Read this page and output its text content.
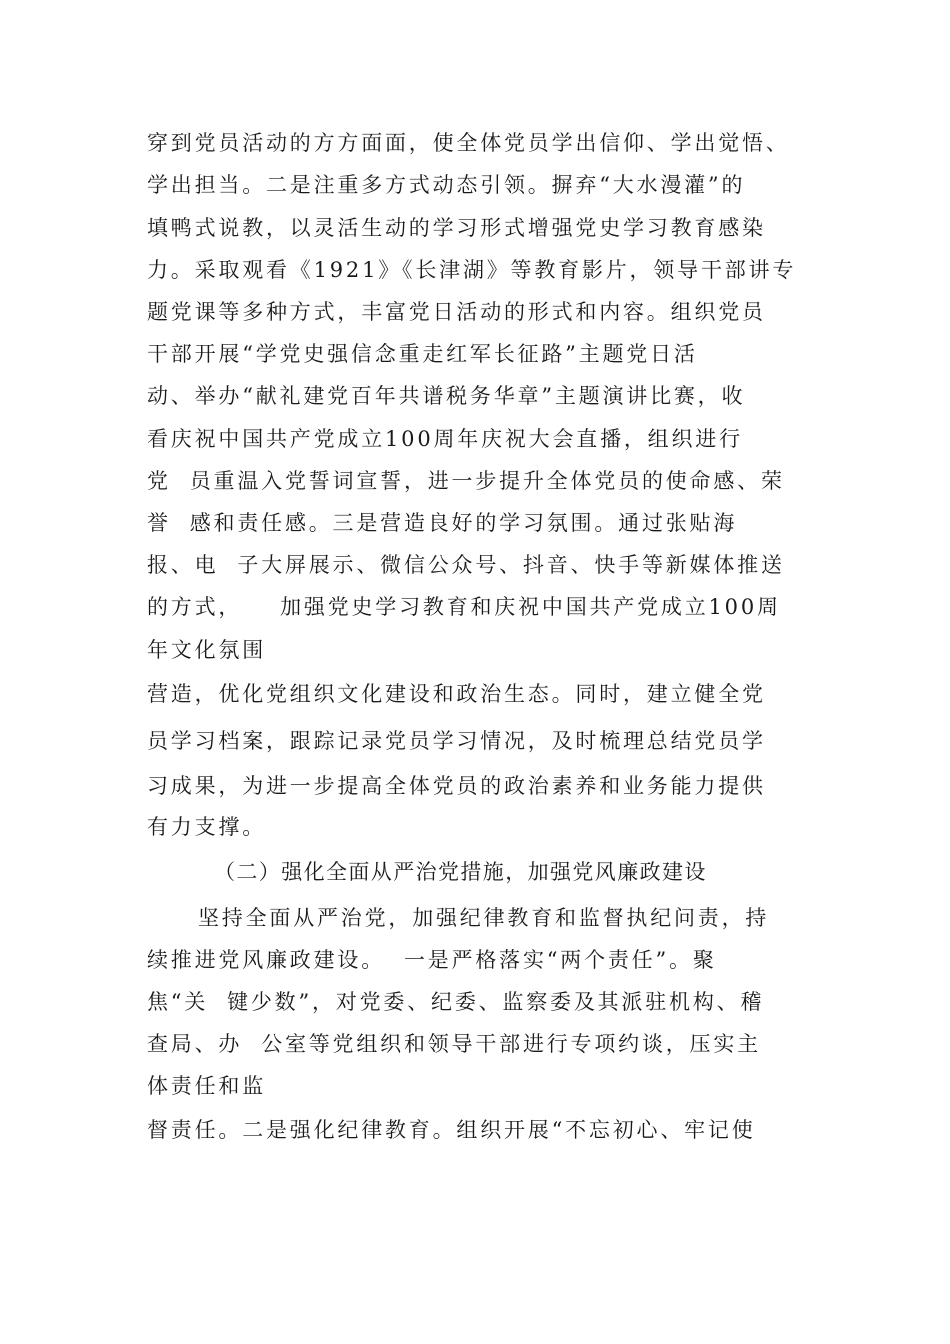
穿到党员活动的方方面面，使全体党员学出信仰、学出觉悟、

学出担当。二是注重多方式动态引领。摒弃“大水漫灌”的

填鸭式说教，以灵活生动的学习形式增强党史学习教育感染

力。采取观看《1921》《长津湖》等教育影片，领导干部讲专

题党课等多种方式，丰富党日活动的形式和内容。组织党员

干部开展“学党史强信念重走红军长征路”主题党日活

动、举办“献礼建党百年共谱税务华章”主题演讲比赛，收

看庆祝中国共产党成立100周年庆祝大会直播，组织进行

党  员重温入党誓词宣誓，进一步提升全体党员的使命感、荣

誉  感和责任感。三是营造良好的学习氛围。通过张贴海

报、电  子大屏展示、微信公众号、抖音、快手等新媒体推送

的方式，    加强党史学习教育和庆祝中国共产党成立100周

年文化氛围

营造，优化党组织文化建设和政治生态。同时，建立健全党

员学习档案，跟踪记录党员学习情况，及时梳理总结党员学

习成果，为进一步提高全体党员的政治素养和业务能力提供

有力支撑。

（二）强化全面从严治党措施，加强党风廉政建设

坚持全面从严治党，加强纪律教育和监督执纪问责，持

续推进党风廉政建设。  一是严格落实“两个责任”。聚

焦“关  键少数”，对党委、纪委、监察委及其派驻机构、稽

查局、办  公室等党组织和领导干部进行专项约谈，压实主

体责任和监

督责任。二是强化纪律教育。组织开展“不忘初心、牢记使
